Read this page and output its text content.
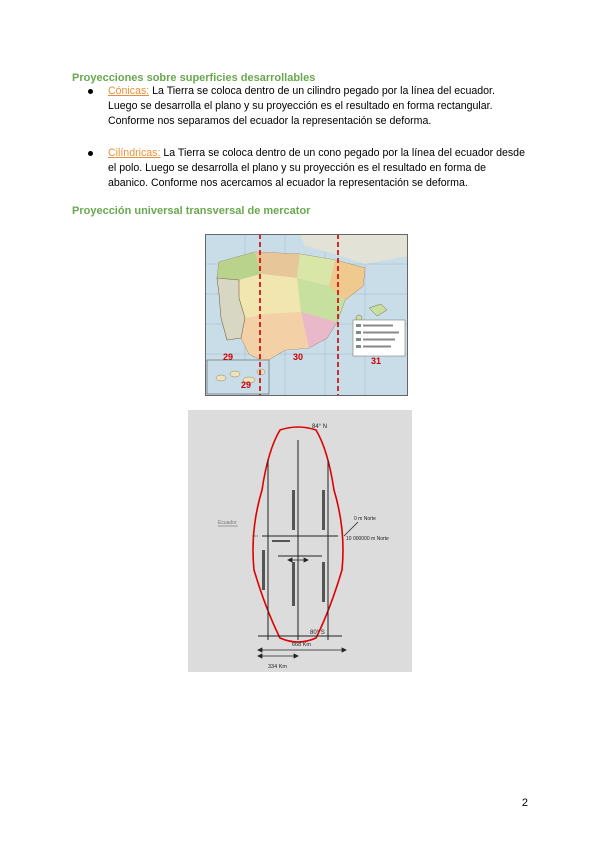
Proyecciones sobre superficies desarrollables
Cónicas: La Tierra se coloca dentro de un cilindro pegado por la línea del ecuador. Luego se desarrolla el plano y su proyección es el resultado en forma rectangular. Conforme nos separamos del ecuador la representación se deforma.
Cilíndricas: La Tierra se coloca dentro de un cono pegado por la línea del ecuador desde el polo. Luego se desarrolla el plano y su proyección es el resultado en forma de abanico. Conforme nos acercamos al ecuador la representación se deforma.
Proyección universal transversal de mercator
29
29
30	31
84° N
80° S
668 Km
334 Km
Ecuador
0 m Norte
10 000000 m Norte
2
